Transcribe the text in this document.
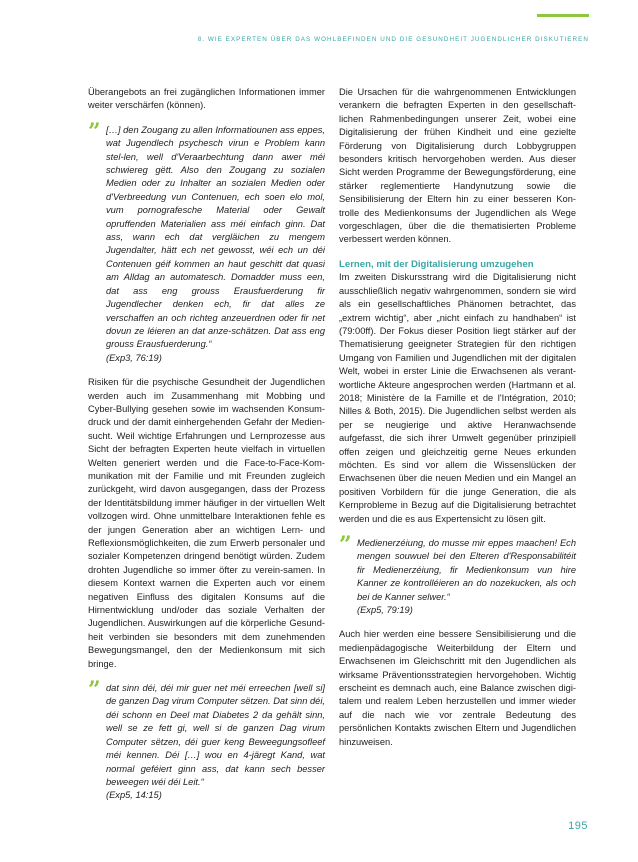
8. WIE EXPERTEN ÜBER DAS WOHLBEFINDEN UND DIE GESUNDHEIT JUGENDLICHER DISKUTIEREN

Überangebots an frei zugänglichen Informationen immer weiter verschärfen (können).

” […] den Zougang zu allen Informatiounen ass eppes, wat Jugendlech psychesch virun e Problem kann stel-len, well d'Veraarbechtung dann awer méi schwiereg gëtt. Also den Zougang zu sozialen Medien oder zu Inhalter an sozialen Medien oder d'Verbreedung vun Contenuen, ech soen elo mol, vum pornografesche Material oder Gewalt opruffenden Materialien ass méi einfach ginn. Dat ass, wann ech dat vergläichen zu mengem Jugendalter, hätt ech net gewosst, wéi ech un déi Contenuen géif kommen an haut geschitt dat quasi am Alldag an automatesch. Domadder muss een, dat ass eng grouss Erausfuerderung fir Jugendlecher denken ech, fir dat alles ze verschaffen an och richteg anzeuerdnen oder fir net dovun ze léieren an dat anze-schätzen. Dat ass eng grouss Erausfuerderung.“
(Exp3, 76:19)

Risiken für die psychische Gesundheit der Jugendlichen werden auch im Zusammenhang mit Mobbing und Cyber-Bullying gesehen sowie im wachsenden Konsum-druck und der damit einhergehenden Gefahr der Medien-sucht. Weil wichtige Erfahrungen und Lernprozesse aus Sicht der befragten Experten heute vielfach in virtuellen Welten generiert werden und die Face-to-Face-Kom-munikation mit der Familie und mit Freunden zugleich zurückgeht, wird davon ausgegangen, dass der Prozess der Identitätsbildung immer häufiger in der virtuellen Welt vollzogen wird. Ohne unmittelbare Interaktionen fehle es der jungen Generation aber an wichtigen Lern- und Reflexionsmöglichkeiten, die zum Erwerb personaler und sozialer Kompetenzen dringend benötigt würden. Zudem drohten Jugendliche so immer öfter zu verein-samen. In diesem Kontext warnen die Experten auch vor einem negativen Einfluss des digitalen Konsums auf die Hirnentwicklung und/oder das soziale Verhalten der Jugendlichen. Auswirkungen auf die körperliche Gesund-heit verbinden sie besonders mit dem zunehmenden Bewegungsmangel, den der Medienkonsum mit sich bringe.

” dat sinn déi, déi mir guer net méi erreechen [well si] de ganzen Dag virum Computer sëtzen. Dat sinn déi, déi schonn en Deel mat Diabetes 2 da gehält sinn, well se ze fett gi, well si de ganzen Dag virum Computer sëtzen, déi guer keng Beweegungsofleef méi kennen. Déi […] wou en 4-järegt Kand, wat normal geféiert ginn ass, dat kann sech besser beweegen wéi déi Leit.“
(Exp5, 14:15)

Die Ursachen für die wahrgenommenen Entwicklungen verankern die befragten Experten in den gesellschaft-lichen Rahmenbedingungen unserer Zeit, wobei eine Digitalisierung der frühen Kindheit und eine gezielte Förderung von Digitalisierung durch Lobbygruppen besonders kritisch hervorgehoben werden. Aus dieser Sicht werden Programme der Bewegungsförderung, eine stärker reglementierte Handynutzung sowie die Sensibilisierung der Eltern hin zu einer besseren Kon-trolle des Medienkonsums der Jugendlichen als Wege vorgeschlagen, über die die thematisierten Probleme verbessert werden können.

Lernen, mit der Digitalisierung umzugehen

Im zweiten Diskursstrang wird die Digitalisierung nicht ausschließlich negativ wahrgenommen, sondern sie wird als ein gesellschaftliches Phänomen betrachtet, das „extrem wichtig“, aber „nicht einfach zu handhaben“ ist (79:00ff). Der Fokus dieser Position liegt stärker auf der Thematisierung geeigneter Strategien für den richtigen Umgang von Familien und Jugendlichen mit der digitalen Welt, wobei in erster Linie die Erwachsenen als verant-wortliche Akteure angesprochen werden (Hartmann et al. 2018; Ministère de la Famille et de l'Intégration, 2010; Nilles & Both, 2015). Die Jugendlichen selbst werden als per se neugierige und aktive Heranwachsende aufgefasst, die sich ihrer Umwelt gegenüber prinzipiell offen zeigen und gleichzeitig gerne Neues erkunden möchten. Es sind vor allem die Wissenslücken der Erwachsenen über die neuen Medien und ein Mangel an positiven Vorbildern für die junge Generation, die als Kernprobleme in Bezug auf die Digitalisierung betrachtet werden und die es aus Expertensicht zu lösen gilt.

” Medienerzéiung, do musse mir eppes maachen! Ech mengen souwuel bei den Elteren d'Responsabilitéit fir Medienerzéiung, fir Medienkonsum vun hire Kanner ze kontrolléieren an do nozekucken, als och bei de Kanner selwer.“
(Exp5, 79:19)

Auch hier werden eine bessere Sensibilisierung und die medienpädagogische Weiterbildung der Eltern und Erwachsenen im Gleichschritt mit den Jugendlichen als wirksame Präventionsstrategien hervorgehoben. Wichtig erscheint es demnach auch, eine Balance zwischen digi-talem und realem Leben herzustellen und immer wieder auf die nach wie vor zentrale Bedeutung des persönlichen Kontakts zwischen Eltern und Jugendlichen hinzuweisen.

195
